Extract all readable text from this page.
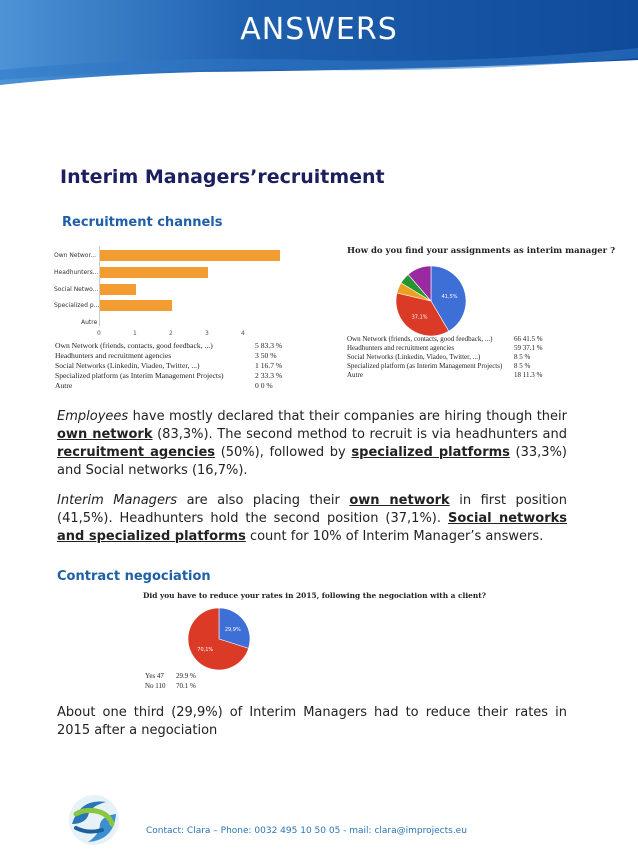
ANSWERS
Interim Managers’recruitment
Recruitment channels
Own Networ...
Headhunters...
Social Netwo...
Specialized p...
Autre
0	1	2	3	4
Own Network (friends, contacts, good feedback, ...)	5 83.3 %
Headhunters and recruitment agencies	3 50 %
Social Networks (Linkedin, Viadeo, Twitter, ...)	1 16.7 %
Specialized platform (as Interim Management Projects)	2 33.3 %
Autre	0 0 %
How do you find your assignments as interim manager ?
41,5%
37,1%
Own Network (friends, contacts, good feedback, ...)	66 41.5 %
Headhunters and recruitment agencies	59 37.1 %
Social Networks (Linkedin, Viadeo, Twitter, ...)	8 5 %
Specialized platform (as Interim Management Projects) 8 5 %
Autre	18 11.3 %
Employees have mostly declared that their companies are hiring though their own network (83,3%). The second method to recruit is via headhunters and recruitment agencies (50%), followed by specialized platforms (33,3%) and Social networks (16,7%).
Interim Managers are also placing their own network in first position (41,5%). Headhunters hold the second position (37,1%). Social networks and specialized platforms count for 10% of Interim Manager’s answers.
Contract negociation
Did you have to reduce your rates in 2015, following the negociation with a client?
29,9%
70,1%
Yes 47 29.9 %
No 110 70.1 %
About one third (29,9%) of Interim Managers had to reduce their rates in 2015 after a negociation
Contact: Clara – Phone: 0032 495 10 50 05 - mail: clara@improjects.eu
